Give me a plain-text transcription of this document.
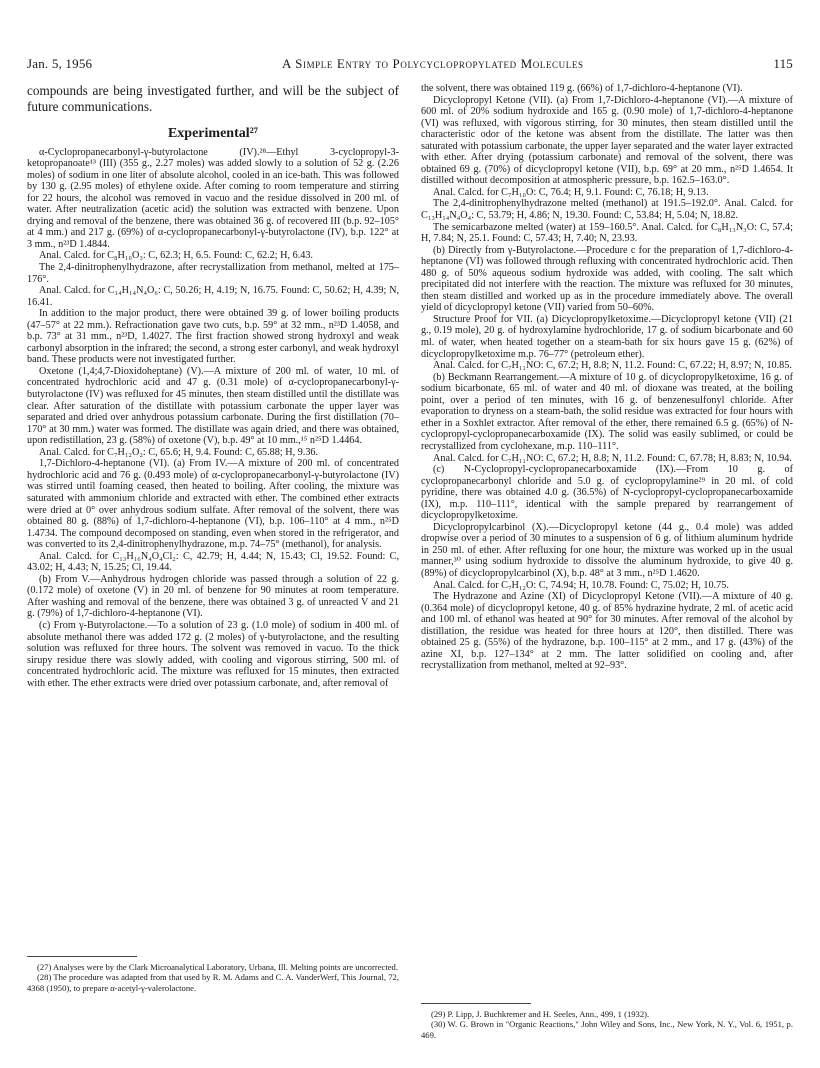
Jan. 5, 1956	A Simple Entry to Polycyclopropylated Molecules	115

compounds are being investigated further, and will be the subject of future communications.

Experimental²⁷

α-Cyclopropanecarbonyl-γ-butyrolactone (IV).²⁸—Ethyl 3-cyclopropyl-3-ketopropanoate¹³ (III) (355 g., 2.27 moles) was added slowly to a solution of 52 g. (2.26 moles) of sodium in one liter of absolute alcohol, cooled in an ice-bath. This was followed by 130 g. (2.95 moles) of ethylene oxide. After coming to room temperature and stirring for 22 hours, the alcohol was removed in vacuo and the residue dissolved in 200 ml. of water. After neutralization (acetic acid) the solution was extracted with benzene. Upon drying and removal of the benzene, there was obtained 36 g. of recovered III (b.p. 92–105° at 4 mm.) and 217 g. (69%) of α-cyclopropanecarbonyl-γ-butyrolactone (IV), b.p. 122° at 3 mm., n²³D 1.4844.

Anal. Calcd. for C₈H₁₀O₃: C, 62.3; H, 6.5. Found: C, 62.2; H, 6.43.

The 2,4-dinitrophenylhydrazone, after recrystallization from methanol, melted at 175–176°.

Anal. Calcd. for C₁₄H₁₄N₄O₆: C, 50.26; H, 4.19; N, 16.75. Found: C, 50.62; H, 4.39; N, 16.41.

In addition to the major product, there were obtained 39 g. of lower boiling products (47–57° at 22 mm.). Refractionation gave two cuts, b.p. 59° at 32 mm., n²³D 1.4058, and b.p. 73° at 31 mm., n²³D, 1.4027. The first fraction showed strong hydroxyl and weak carbonyl absorption in the infrared; the second, a strong ester carbonyl, and weak hydroxyl band. These products were not investigated further.

Oxetone (1,4;4,7-Dioxidoheptane) (V).—A mixture of 200 ml. of water, 10 ml. of concentrated hydrochloric acid and 47 g. (0.31 mole) of α-cyclopropanecarbonyl-γ-butyrolactone (IV) was refluxed for 45 minutes, then steam distilled until the distillate was clear. After saturation of the distillate with potassium carbonate the upper layer was separated and dried over anhydrous potassium carbonate. During the first distillation (70–170° at 30 mm.) water was formed. The distillate was again dried, and there was obtained, upon redistillation, 23 g. (58%) of oxetone (V), b.p. 49° at 10 mm.,¹⁵ n²⁵D 1.4464.

Anal. Calcd. for C₇H₁₂O₂: C, 65.6; H, 9.4. Found: C, 65.88; H, 9.36.

1,7-Dichloro-4-heptanone (VI). (a) From IV.—A mixture of 200 ml. of concentrated hydrochloric acid and 76 g. (0.493 mole) of α-cyclopropanecarbonyl-γ-butyrolactone (IV) was stirred until foaming ceased, then heated to boiling. After cooling, the mixture was saturated with ammonium chloride and extracted with ether. The combined ether extracts were dried at 0° over anhydrous sodium sulfate. After removal of the solvent, there was obtained 80 g. (88%) of 1,7-dichloro-4-heptanone (VI), b.p. 106–110° at 4 mm., n²⁵D 1.4734. The compound decomposed on standing, even when stored in the refrigerator, and was converted to its 2,4-dinitrophenylhydrazone, m.p. 74–75° (methanol), for analysis.

Anal. Calcd. for C₁₃H₁₆N₄O₄Cl₂: C, 42.79; H, 4.44; N, 15.43; Cl, 19.52. Found: C, 43.02; H, 4.43; N, 15.25; Cl, 19.44.

(b) From V.—Anhydrous hydrogen chloride was passed through a solution of 22 g. (0.172 mole) of oxetone (V) in 20 ml. of benzene for 90 minutes at room temperature. After washing and removal of the benzene, there was obtained 3 g. of unreacted V and 21 g. (79%) of 1,7-dichloro-4-heptanone (VI).

(c) From γ-Butyrolactone.—To a solution of 23 g. (1.0 mole) of sodium in 400 ml. of absolute methanol there was added 172 g. (2 moles) of γ-butyrolactone, and the resulting solution was refluxed for three hours. The solvent was removed in vacuo. To the thick sirupy residue there was slowly added, with cooling and vigorous stirring, 500 ml. of concentrated hydrochloric acid. The mixture was refluxed for 15 minutes, then extracted with ether. The ether extracts were dried over potassium carbonate, and, after removal of

(27) Analyses were by the Clark Microanalytical Laboratory, Urbana, Ill. Melting points are uncorrected.

(28) The procedure was adapted from that used by R. M. Adams and C. A. VanderWerf, This Journal, 72, 4368 (1950), to prepare α-acetyl-γ-valerolactone.

the solvent, there was obtained 119 g. (66%) of 1,7-dichloro-4-heptanone (VI).

Dicyclopropyl Ketone (VII). (a) From 1,7-Dichloro-4-heptanone (VI).—A mixture of 600 ml. of 20% sodium hydroxide and 165 g. (0.90 mole) of 1,7-dichloro-4-heptanone (VI) was refluxed, with vigorous stirring, for 30 minutes, then steam distilled until the characteristic odor of the ketone was absent from the distillate. The latter was then saturated with potassium carbonate, the upper layer separated and the water layer extracted with ether. After drying (potassium carbonate) and removal of the solvent, there was obtained 69 g. (70%) of dicyclopropyl ketone (VII), b.p. 69° at 20 mm., n²⁵D 1.4654. It distilled without decomposition at atmospheric pressure, b.p. 162.5–163.0°.

Anal. Calcd. for C₇H₁₀O: C, 76.4; H, 9.1. Found: C, 76.18; H, 9.13.

The 2,4-dinitrophenylhydrazone melted (methanol) at 191.5–192.0°. Anal. Calcd. for C₁₃H₁₄N₄O₄: C, 53.79; H, 4.86; N, 19.30. Found: C, 53.84; H, 5.04; N, 18.82.

The semicarbazone melted (water) at 159–160.5°. Anal. Calcd. for C₈H₁₃N₃O: C, 57.4; H, 7.84; N, 25.1. Found: C, 57.43; H, 7.40; N, 23.93.

(b) Directly from γ-Butyrolactone.—Procedure c for the preparation of 1,7-dichloro-4-heptanone (VI) was followed through refluxing with concentrated hydrochloric acid. Then 480 g. of 50% aqueous sodium hydroxide was added, with cooling. The salt which precipitated did not interfere with the reaction. The mixture was refluxed for 30 minutes, then steam distilled and worked up as in the procedure immediately above. The overall yield of dicyclopropyl ketone (VII) varied from 50–60%.

Structure Proof for VII. (a) Dicyclopropylketoxime.—Dicyclopropyl ketone (VII) (21 g., 0.19 mole), 20 g. of hydroxylamine hydrochloride, 17 g. of sodium bicarbonate and 60 ml. of water, when heated together on a steam-bath for six hours gave 15 g. (62%) of dicyclopropylketoxime m.p. 76–77° (petroleum ether).

Anal. Calcd. for C₇H₁₁NO: C, 67.2; H, 8.8; N, 11.2. Found: C, 67.22; H, 8.97; N, 10.85.

(b) Beckmann Rearrangement.—A mixture of 10 g. of dicyclopropylketoxime, 16 g. of sodium bicarbonate, 65 ml. of water and 40 ml. of dioxane was treated, at the boiling point, over a period of ten minutes, with 16 g. of benzenesulfonyl chloride. After evaporation to dryness on a steam-bath, the solid residue was extracted for four hours with ether in a Soxhlet extractor. After removal of the ether, there remained 6.5 g. (65%) of N-cyclopropyl-cyclopropanecarboxamide (IX). The solid was easily sublimed, or could be recrystallized from cyclohexane, m.p. 110–111°.

Anal. Calcd. for C₇H₁₁NO: C, 67.2; H, 8.8; N, 11.2. Found: C, 67.78; H, 8.83; N, 10.94.

(c) N-Cyclopropyl-cyclopropanecarboxamide (IX).—From 10 g. of cyclopropanecarbonyl chloride and 5.0 g. of cyclopropylamine²⁹ in 20 ml. of cold pyridine, there was obtained 4.0 g. (36.5%) of N-cyclopropyl-cyclopropanecarboxamide (IX), m.p. 110–111°, identical with the sample prepared by rearrangement of dicyclopropylketoxime.

Dicyclopropylcarbinol (X).—Dicyclopropyl ketone (44 g., 0.4 mole) was added dropwise over a period of 30 minutes to a suspension of 6 g. of lithium aluminum hydride in 250 ml. of ether. After refluxing for one hour, the mixture was worked up in the usual manner,³⁰ using sodium hydroxide to dissolve the aluminum hydroxide, to give 40 g. (89%) of dicyclopropylcarbinol (X), b.p. 48° at 3 mm., n²⁵D 1.4620.

Anal. Calcd. for C₇H₁₂O: C, 74.94; H, 10.78. Found: C, 75.02; H, 10.75.

The Hydrazone and Azine (XI) of Dicyclopropyl Ketone (VII).—A mixture of 40 g. (0.364 mole) of dicyclopropyl ketone, 40 g. of 85% hydrazine hydrate, 2 ml. of acetic acid and 100 ml. of ethanol was heated at 90° for 30 minutes. After removal of the alcohol by distillation, the residue was heated for three hours at 120°, then distilled. There was obtained 25 g. (55%) of the hydrazone, b.p. 100–115° at 2 mm., and 17 g. (43%) of the azine XI, b.p. 127–134° at 2 mm. The latter solidified on cooling and, after recrystallization from methanol, melted at 92–93°.

(29) P. Lipp, J. Buchkremer and H. Seeles, Ann., 499, 1 (1932).

(30) W. G. Brown in "Organic Reactions," John Wiley and Sons, Inc., New York, N. Y., Vol. 6, 1951, p. 469.
